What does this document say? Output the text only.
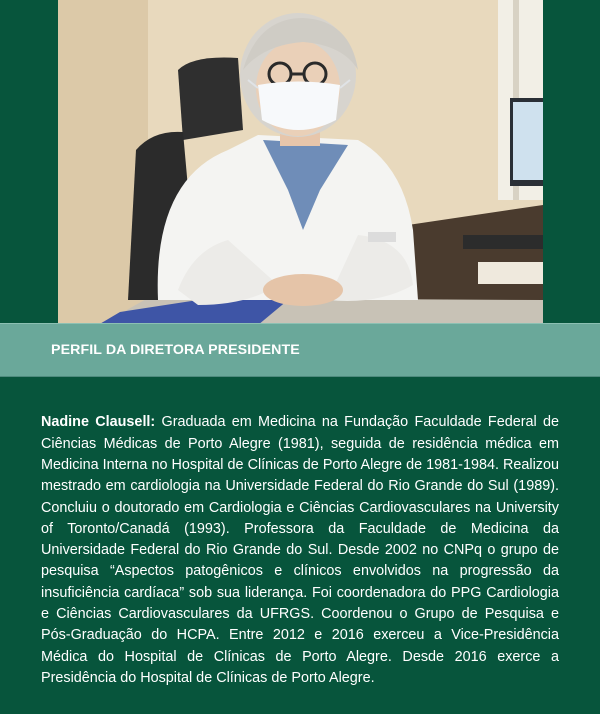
PERFIL DA DIRETORA PRESIDENTE

Nadine Clausell: Graduada em Medicina na Fundação Faculdade Federal de Ciências Médicas de Porto Alegre (1981), seguida de residência médica em Medicina Interna no Hospital de Clínicas de Porto Alegre de 1981-1984. Realizou mestrado em cardiologia na Universidade Federal do Rio Grande do Sul (1989). Concluiu o doutorado em Cardiologia e Ciências Cardiovasculares na University of Toronto/Canadá (1993). Professora da Faculdade de Medicina da Universidade Federal do Rio Grande do Sul. Desde 2002 no CNPq o grupo de pesquisa “Aspectos patogênicos e clínicos envolvidos na progressão da insuficiência cardíaca” sob sua liderança. Foi coordenadora do PPG Cardiologia e Ciências Cardiovasculares da UFRGS. Coordenou o Grupo de Pesquisa e Pós-Graduação do HCPA. Entre 2012 e 2016 exerceu a Vice-Presidência Médica do Hospital de Clínicas de Porto Alegre. Desde 2016 exerce a Presidência do Hospital de Clínicas de Porto Alegre.
